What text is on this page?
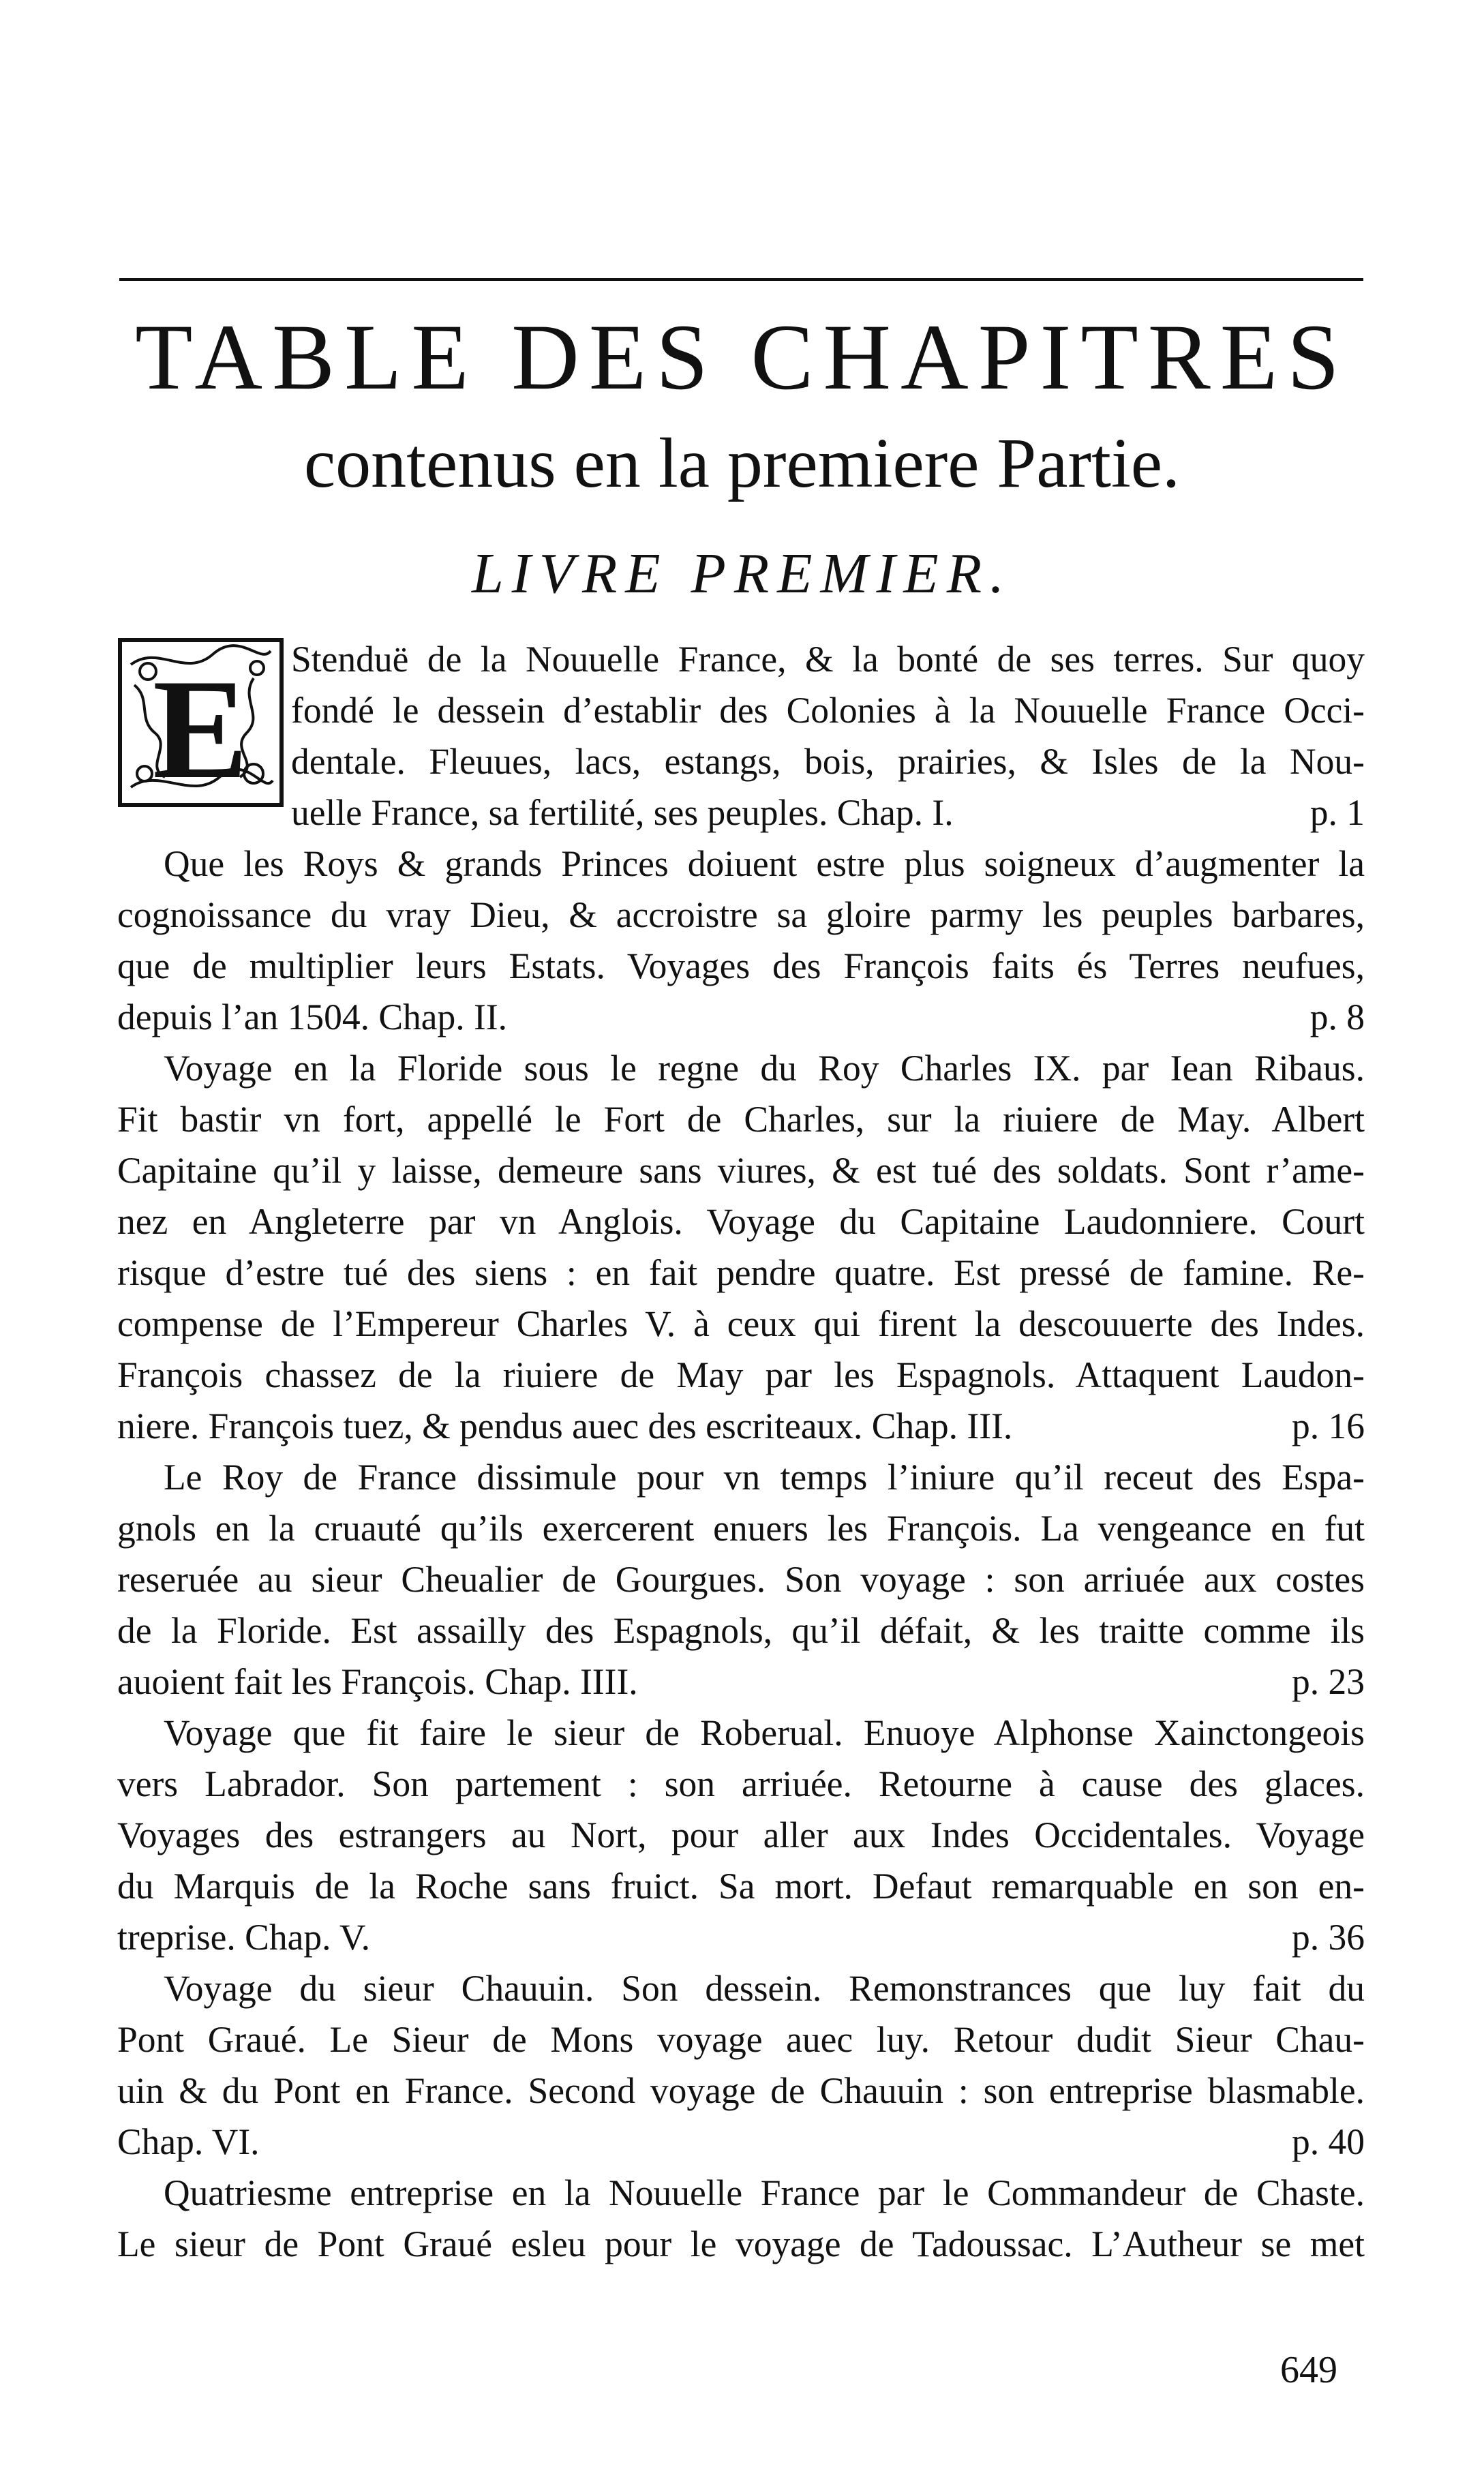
TABLE DES CHAPITRES
contenus en la premiere Partie.
LIVRE PREMIER.
E	Stenduë de la Nouuelle France, & la bonté de ses terres. Sur quoy
fondé le dessein d’establir des Colonies à la Nouuelle France Occi-
dentale. Fleuues, lacs, estangs, bois, prairies, & Isles de la Nou-
uelle France, sa fertilité, ses peuples. Chap. I.	p. 1
Que les Roys & grands Princes doiuent estre plus soigneux d’augmenter la
cognoissance du vray Dieu, & accroistre sa gloire parmy les peuples barbares,
que de multiplier leurs Estats. Voyages des François faits és Terres neufues,
depuis l’an 1504. Chap. II.	p. 8
Voyage en la Floride sous le regne du Roy Charles IX. par Iean Ribaus.
Fit bastir vn fort, appellé le Fort de Charles, sur la riuiere de May. Albert
Capitaine qu’il y laisse, demeure sans viures, & est tué des soldats. Sont r’ame-
nez en Angleterre par vn Anglois. Voyage du Capitaine Laudonniere. Court
risque d’estre tué des siens : en fait pendre quatre. Est pressé de famine. Re-
compense de l’Empereur Charles V. à ceux qui firent la descouuerte des Indes.
François chassez de la riuiere de May par les Espagnols. Attaquent Laudon-
niere. François tuez, & pendus auec des escriteaux. Chap. III.	p. 16
Le Roy de France dissimule pour vn temps l’iniure qu’il receut des Espa-
gnols en la cruauté qu’ils exercerent enuers les François. La vengeance en fut
reseruée au sieur Cheualier de Gourgues. Son voyage : son arriuée aux costes
de la Floride. Est assailly des Espagnols, qu’il défait, & les traitte comme ils
auoient fait les François. Chap. IIII.	p. 23
Voyage que fit faire le sieur de Roberual. Enuoye Alphonse Xainctongeois
vers Labrador. Son partement : son arriuée. Retourne à cause des glaces.
Voyages des estrangers au Nort, pour aller aux Indes Occidentales. Voyage
du Marquis de la Roche sans fruict. Sa mort. Defaut remarquable en son en-
treprise. Chap. V.	p. 36
Voyage du sieur Chauuin. Son dessein. Remonstrances que luy fait du
Pont Graué. Le Sieur de Mons voyage auec luy. Retour dudit Sieur Chau-
uin & du Pont en France. Second voyage de Chauuin : son entreprise blasmable.
Chap. VI.	p. 40
Quatriesme entreprise en la Nouuelle France par le Commandeur de Chaste.
Le sieur de Pont Graué esleu pour le voyage de Tadoussac. L’Autheur se met
649
